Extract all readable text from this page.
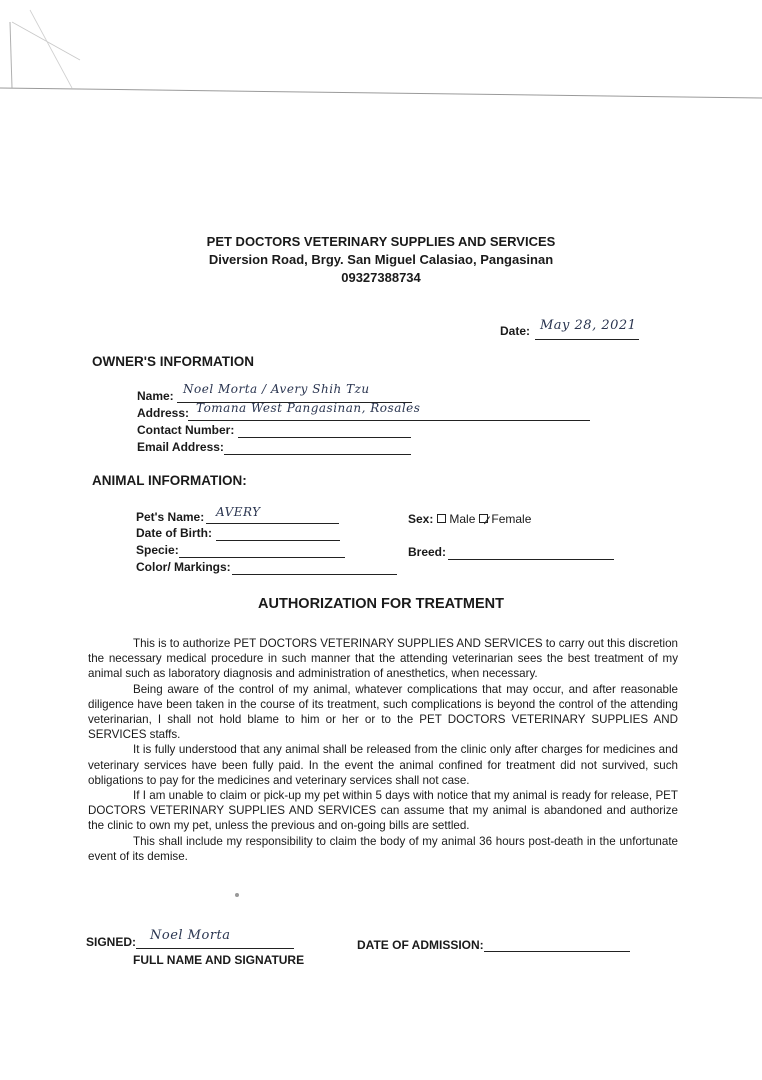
PET DOCTORS VETERINARY SUPPLIES AND SERVICES
Diversion Road, Brgy. San Miguel Calasiao, Pangasinan
09327388734
Date: May 28, 2021
OWNER'S INFORMATION
Name: Noel Morta / Avery Shih Tzu
Address: Tomana West Pangasinan, Rosales
Contact Number:
Email Address:
ANIMAL INFORMATION:
Pet's Name: AVERY
Date of Birth:
Specie:
Color/ Markings:
Sex: Male Female
Breed:
AUTHORIZATION FOR TREATMENT

This is to authorize PET DOCTORS VETERINARY SUPPLIES AND SERVICES to carry out this discretion the necessary medical procedure in such manner that the attending veterinarian sees the best treatment of my animal such as laboratory diagnosis and administration of anesthetics, when necessary.

Being aware of the control of my animal, whatever complications that may occur, and after reasonable diligence have been taken in the course of its treatment, such complications is beyond the control of the attending veterinarian, I shall not hold blame to him or her or to the PET DOCTORS VETERINARY SUPPLIES AND SERVICES staffs.

It is fully understood that any animal shall be released from the clinic only after charges for medicines and veterinary services have been fully paid. In the event the animal confined for treatment did not survived, such obligations to pay for the medicines and veterinary services shall not case.

If I am unable to claim or pick-up my pet within 5 days with notice that my animal is ready for release, PET DOCTORS VETERINARY SUPPLIES AND SERVICES can assume that my animal is abandoned and authorize the clinic to own my pet, unless the previous and on-going bills are settled.

This shall include my responsibility to claim the body of my animal 36 hours post-death in the unfortunate event of its demise.

SIGNED: Noel Morta
FULL NAME AND SIGNATURE
DATE OF ADMISSION:
